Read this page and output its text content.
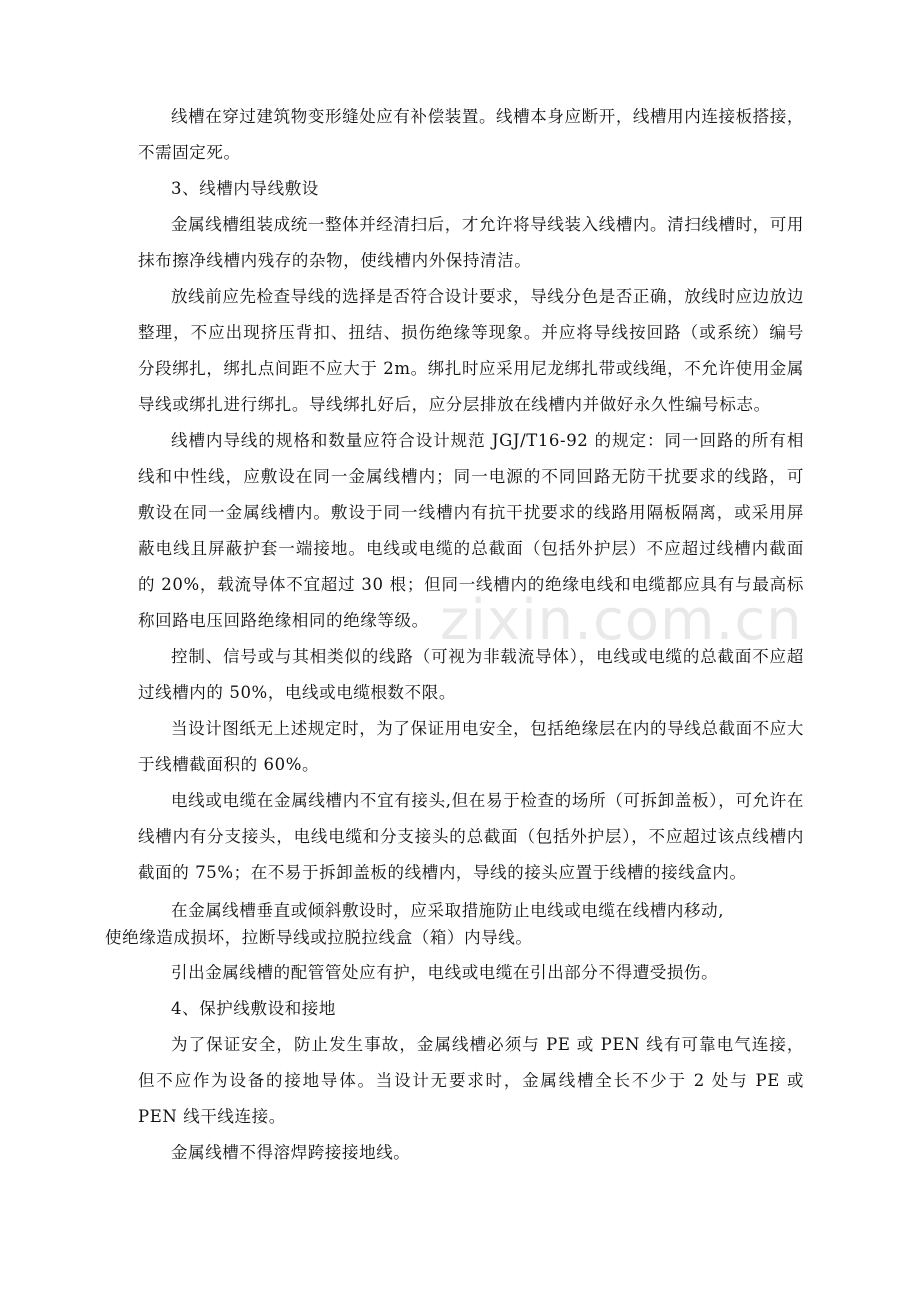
线槽在穿过建筑物变形缝处应有补偿装置。线槽本身应断开，线槽用内连接板搭接，不需固定死。

3、线槽内导线敷设

金属线槽组装成统一整体并经清扫后，才允许将导线装入线槽内。清扫线槽时，可用抹布擦净线槽内残存的杂物，使线槽内外保持清洁。

放线前应先检查导线的选择是否符合设计要求，导线分色是否正确，放线时应边放边整理，不应出现挤压背扣、扭结、损伤绝缘等现象。并应将导线按回路（或系统）编号分段绑扎，绑扎点间距不应大于 2m。绑扎时应采用尼龙绑扎带或线绳，不允许使用金属导线或绑扎进行绑扎。导线绑扎好后，应分层排放在线槽内并做好永久性编号标志。

线槽内导线的规格和数量应符合设计规范 JGJ/T16-92 的规定：同一回路的所有相线和中性线，应敷设在同一金属线槽内；同一电源的不同回路无防干扰要求的线路，可敷设在同一金属线槽内。敷设于同一线槽内有抗干扰要求的线路用隔板隔离，或采用屏蔽电线且屏蔽护套一端接地。电线或电缆的总截面（包括外护层）不应超过线槽内截面的 20%，载流导体不宜超过 30 根；但同一线槽内的绝缘电线和电缆都应具有与最高标称回路电压回路绝缘相同的绝缘等级。

控制、信号或与其相类似的线路（可视为非载流导体），电线或电缆的总截面不应超过线槽内的 50%，电线或电缆根数不限。

当设计图纸无上述规定时，为了保证用电安全，包括绝缘层在内的导线总截面不应大于线槽截面积的 60%。

电线或电缆在金属线槽内不宜有接头,但在易于检查的场所（可拆卸盖板），可允许在线槽内有分支接头，电线电缆和分支接头的总截面（包括外护层），不应超过该点线槽内截面的 75%；在不易于拆卸盖板的线槽内，导线的接头应置于线槽的接线盒内。

在金属线槽垂直或倾斜敷设时，应采取措施防止电线或电缆在线槽内移动,
使绝缘造成损坏，拉断导线或拉脱拉线盒（箱）内导线。

引出金属线槽的配管管处应有护，电线或电缆在引出部分不得遭受损伤。

4、保护线敷设和接地

为了保证安全，防止发生事故，金属线槽必须与 PE 或 PEN 线有可靠电气连接，但不应作为设备的接地导体。当设计无要求时，金属线槽全长不少于 2 处与 PE 或 PEN 线干线连接。

金属线槽不得溶焊跨接接地线。

zixin.com.cn
